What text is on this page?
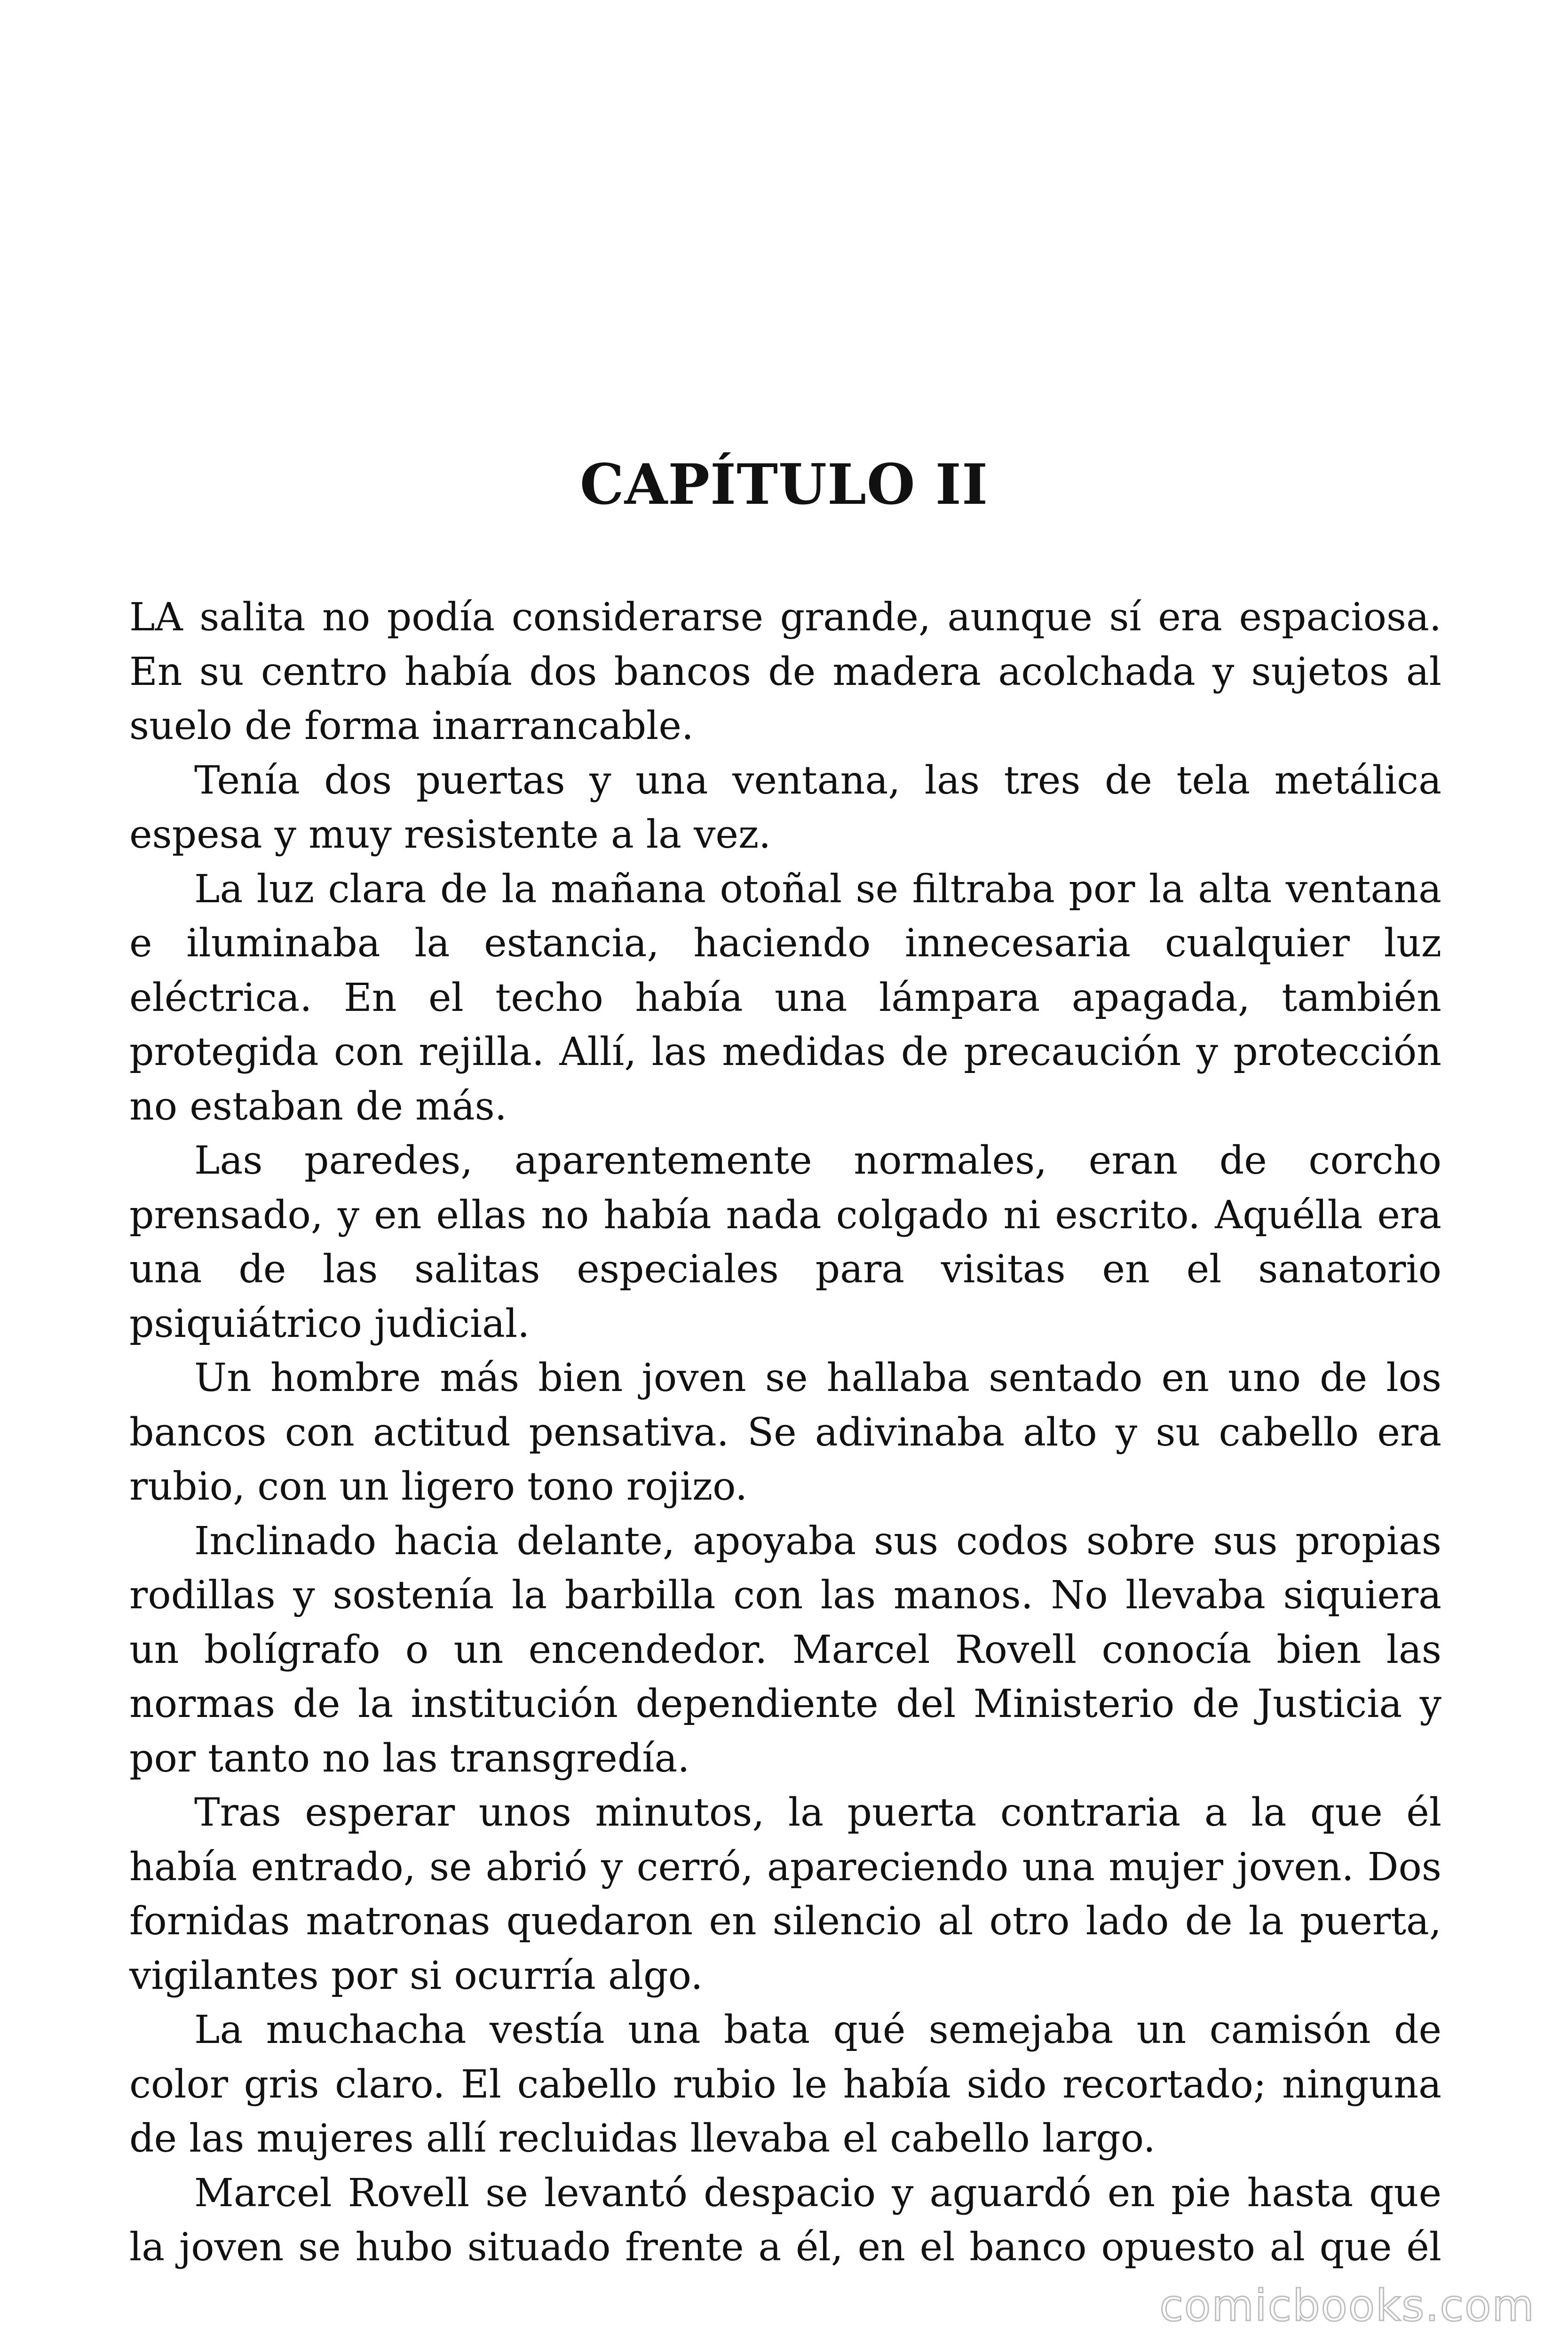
CAPÍTULO II

LA salita no podía considerarse grande, aunque sí era espaciosa. En su centro había dos bancos de madera acolchada y sujetos al suelo de forma inarrancable.

Tenía dos puertas y una ventana, las tres de tela metálica espesa y muy resistente a la vez.

La luz clara de la mañana otoñal se filtraba por la alta ventana e iluminaba la estancia, haciendo innecesaria cualquier luz eléctrica. En el techo había una lámpara apagada, también protegida con rejilla. Allí, las medidas de precaución y protección no estaban de más.

Las paredes, aparentemente normales, eran de corcho prensado, y en ellas no había nada colgado ni escrito. Aquélla era una de las salitas especiales para visitas en el sanatorio psiquiátrico judicial.

Un hombre más bien joven se hallaba sentado en uno de los bancos con actitud pensativa. Se adivinaba alto y su cabello era rubio, con un ligero tono rojizo.

Inclinado hacia delante, apoyaba sus codos sobre sus propias rodillas y sostenía la barbilla con las manos. No llevaba siquiera un bolígrafo o un encendedor. Marcel Rovell conocía bien las normas de la institución dependiente del Ministerio de Justicia y por tanto no las transgredía.

Tras esperar unos minutos, la puerta contraria a la que él había entrado, se abrió y cerró, apareciendo una mujer joven. Dos fornidas matronas quedaron en silencio al otro lado de la puerta, vigilantes por si ocurría algo.

La muchacha vestía una bata qué semejaba un camisón de color gris claro. El cabello rubio le había sido recortado; ninguna de las mujeres allí recluidas llevaba el cabello largo.

Marcel Rovell se levantó despacio y aguardó en pie hasta que la joven se hubo situado frente a él, en el banco opuesto al que él

comicbooks.com
